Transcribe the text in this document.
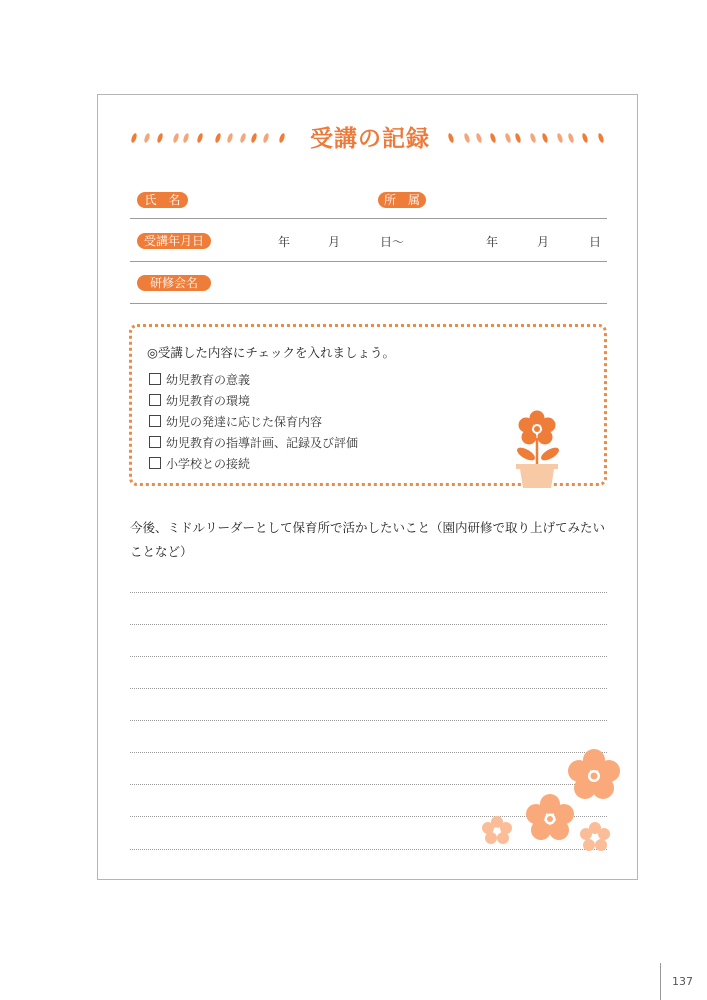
受講の記録
氏　名	所　属
受講年月日	年	月	日～	年	月	日
研修会名
◎受講した内容にチェックを入れましょう。
幼児教育の意義
幼児教育の環境
幼児の発達に応じた保育内容
幼児教育の指導計画、記録及び評価
小学校との接続
今後、ミドルリーダーとして保育所で活かしたいこと（園内研修で取り上げてみたいことなど）
137
